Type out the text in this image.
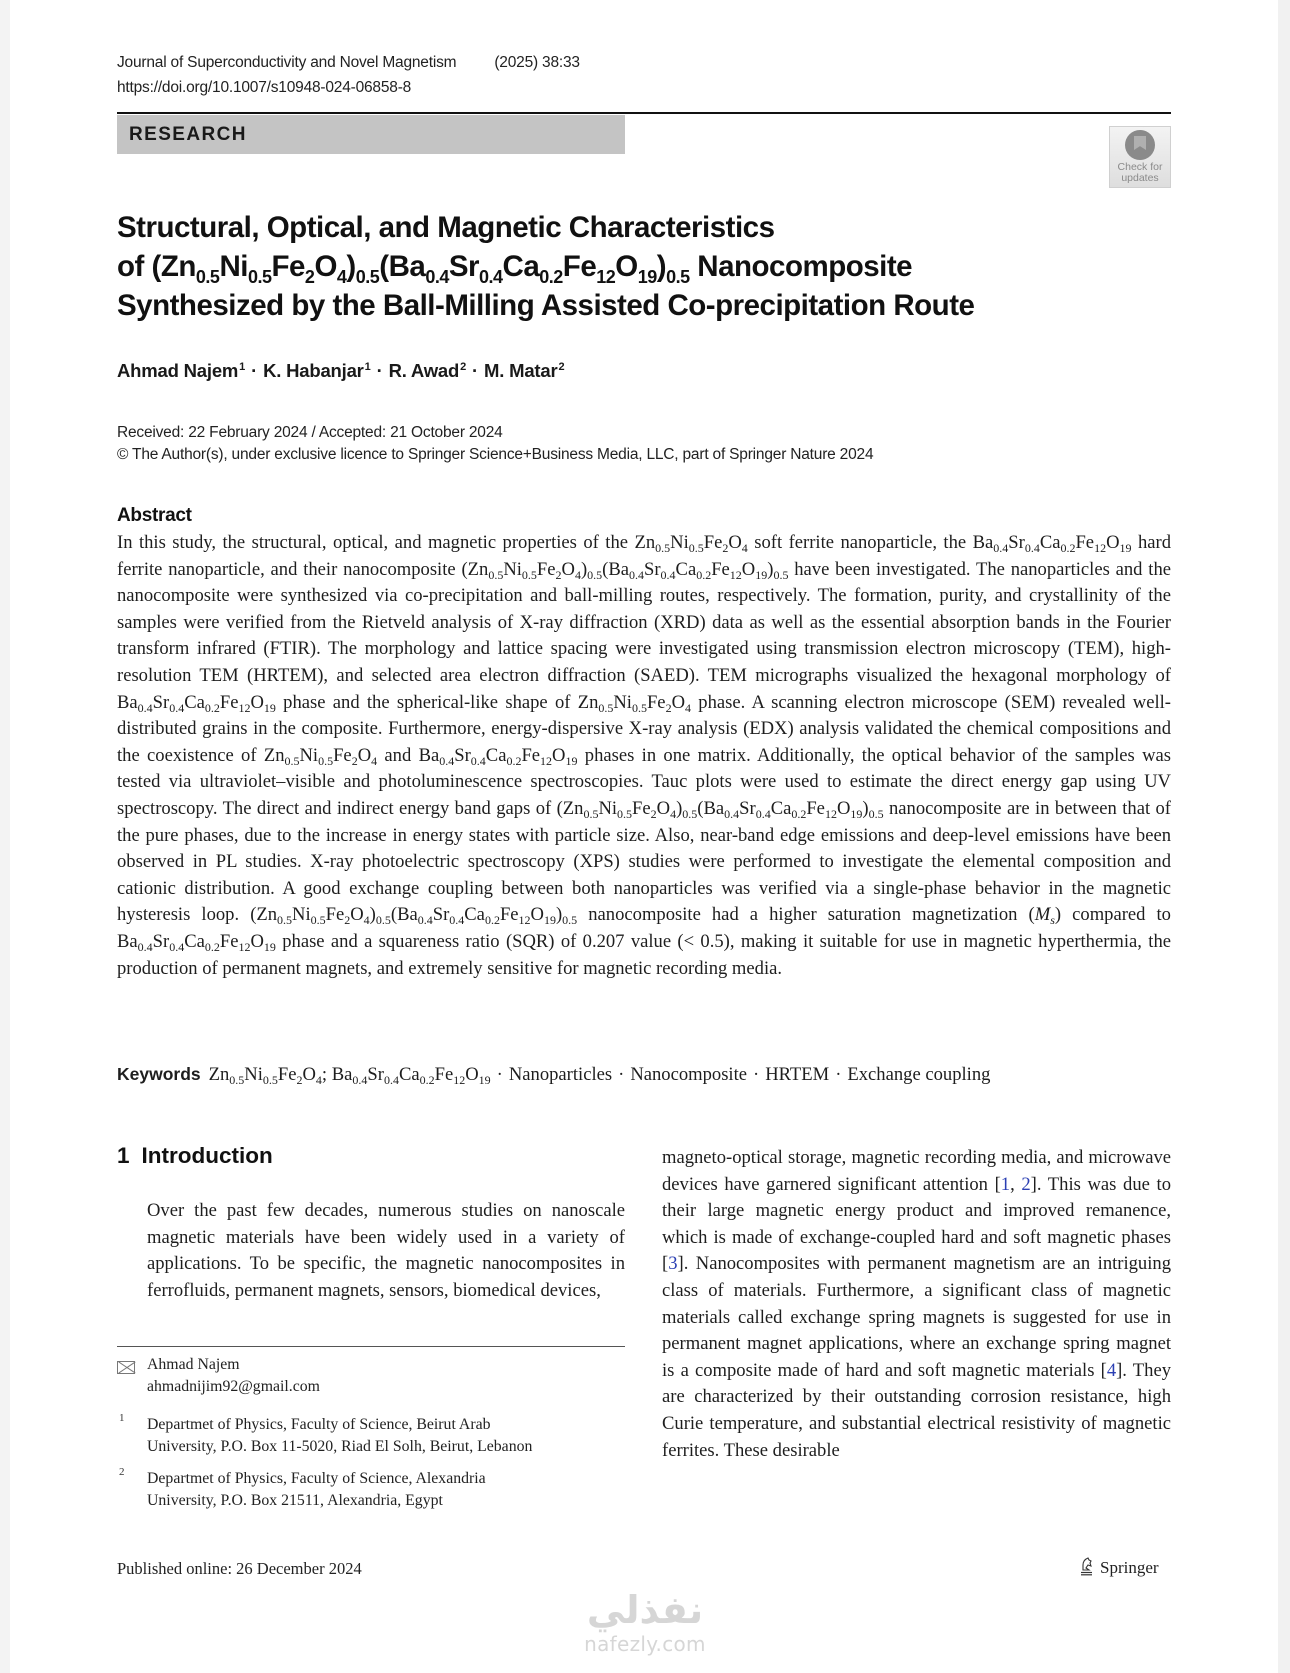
Journal of Superconductivity and Novel Magnetism (2025) 38:33
https://doi.org/10.1007/s10948-024-06858-8
RESEARCH
Check for
updates
Structural, Optical, and Magnetic Characteristics
of $(Zn_{0.5}Ni_{0.5}Fe_2O_4)_{0.5}(Ba_{0.4}Sr_{0.4}Ca_{0.2}Fe_{12}O_{19})_{0.5}$ Nanocomposite
Synthesized by the Ball-Milling Assisted Co-precipitation Route
Ahmad Najem$^1$ · K. Habanjar$^1$ · R. Awad$^2$ · M. Matar$^2$
Received: 22 February 2024 / Accepted: 21 October 2024
© The Author(s), under exclusive licence to Springer Science+Business Media, LLC, part of Springer Nature 2024
Abstract
In this study, the structural, optical, and magnetic properties of the $Zn_{0.5}Ni_{0.5}Fe_2O_4$ soft ferrite nanoparticle, the $Ba_{0.4}Sr_{0.4}Ca_{0.2}Fe_{12}O_{19}$ hard ferrite nanoparticle, and their nanocomposite $(Zn_{0.5}Ni_{0.5}Fe_2O_4)_{0.5}(Ba_{0.4}Sr_{0.4}Ca_{0.2}Fe_{12}O_{19})_{0.5}$ have been investigated. The nanoparticles and the nanocomposite were synthesized via co-precipitation and ball-milling routes, respectively. The formation, purity, and crystallinity of the samples were verified from the Rietveld analysis of X-ray diffraction (XRD) data as well as the essential absorption bands in the Fourier transform infrared (FTIR). The morphology and lattice spacing were investigated using transmission electron microscopy (TEM), high-resolution TEM (HRTEM), and selected area electron diffraction (SAED). TEM micrographs visualized the hexagonal morphology of $Ba_{0.4}Sr_{0.4}Ca_{0.2}Fe_{12}O_{19}$ phase and the spherical-like shape of $Zn_{0.5}Ni_{0.5}Fe_2O_4$ phase. A scanning electron microscope (SEM) revealed well-distributed grains in the composite. Furthermore, energy-dispersive X-ray analysis (EDX) analysis validated the chemical compositions and the coexistence of $Zn_{0.5}Ni_{0.5}Fe_2O_4$ and $Ba_{0.4}Sr_{0.4}Ca_{0.2}Fe_{12}O_{19}$ phases in one matrix. Additionally, the optical behavior of the samples was tested via ultraviolet–visible and photoluminescence spectroscopies. Tauc plots were used to estimate the direct energy gap using UV spectroscopy. The direct and indirect energy band gaps of $(Zn_{0.5}Ni_{0.5}Fe_2O_4)_{0.5}(Ba_{0.4}Sr_{0.4}Ca_{0.2}Fe_{12}O_{19})_{0.5}$ nanocomposite are in between that of the pure phases, due to the increase in energy states with particle size. Also, near-band edge emissions and deep-level emissions have been observed in PL studies. X-ray photoelectric spectroscopy (XPS) studies were performed to investigate the elemental composition and cationic distribution. A good exchange coupling between both nanoparticles was verified via a single-phase behavior in the magnetic hysteresis loop. $(Zn_{0.5}Ni_{0.5}Fe_2O_4)_{0.5}(Ba_{0.4}Sr_{0.4}Ca_{0.2}Fe_{12}O_{19})_{0.5}$ nanocomposite had a higher saturation magnetization $(M_s)$ compared to $Ba_{0.4}Sr_{0.4}Ca_{0.2}Fe_{12}O_{19}$ phase and a squareness ratio (SQR) of 0.207 value (< 0.5), making it suitable for use in magnetic hyperthermia, the production of permanent magnets, and extremely sensitive for magnetic recording media.
Keywords $Zn_{0.5}Ni_{0.5}Fe_2O_4$; $Ba_{0.4}Sr_{0.4}Ca_{0.2}Fe_{12}O_{19}$ · Nanoparticles · Nanocomposite · HRTEM · Exchange coupling
1 Introduction
Over the past few decades, numerous studies on nanoscale magnetic materials have been widely used in a variety of applications. To be specific, the magnetic nanocomposites in ferrofluids, permanent magnets, sensors, biomedical devices,
magneto-optical storage, magnetic recording media, and microwave devices have garnered significant attention [1, 2]. This was due to their large magnetic energy product and improved remanence, which is made of exchange-coupled hard and soft magnetic phases [3]. Nanocomposites with permanent magnetism are an intriguing class of materials. Furthermore, a significant class of magnetic materials called exchange spring magnets is suggested for use in permanent magnet applications, where an exchange spring magnet is a composite made of hard and soft magnetic materials [4]. They are characterized by their outstanding corrosion resistance, high Curie temperature, and substantial electrical resistivity of magnetic ferrites. These desirable
Ahmad Najem
ahmadnijim92@gmail.com
1 Departmet of Physics, Faculty of Science, Beirut Arab
University, P.O. Box 11-5020, Riad El Solh, Beirut, Lebanon
2 Departmet of Physics, Faculty of Science, Alexandria
University, P.O. Box 21511, Alexandria, Egypt
Published online: 26 December 2024	Springer
نفذلي
nafezly.com
